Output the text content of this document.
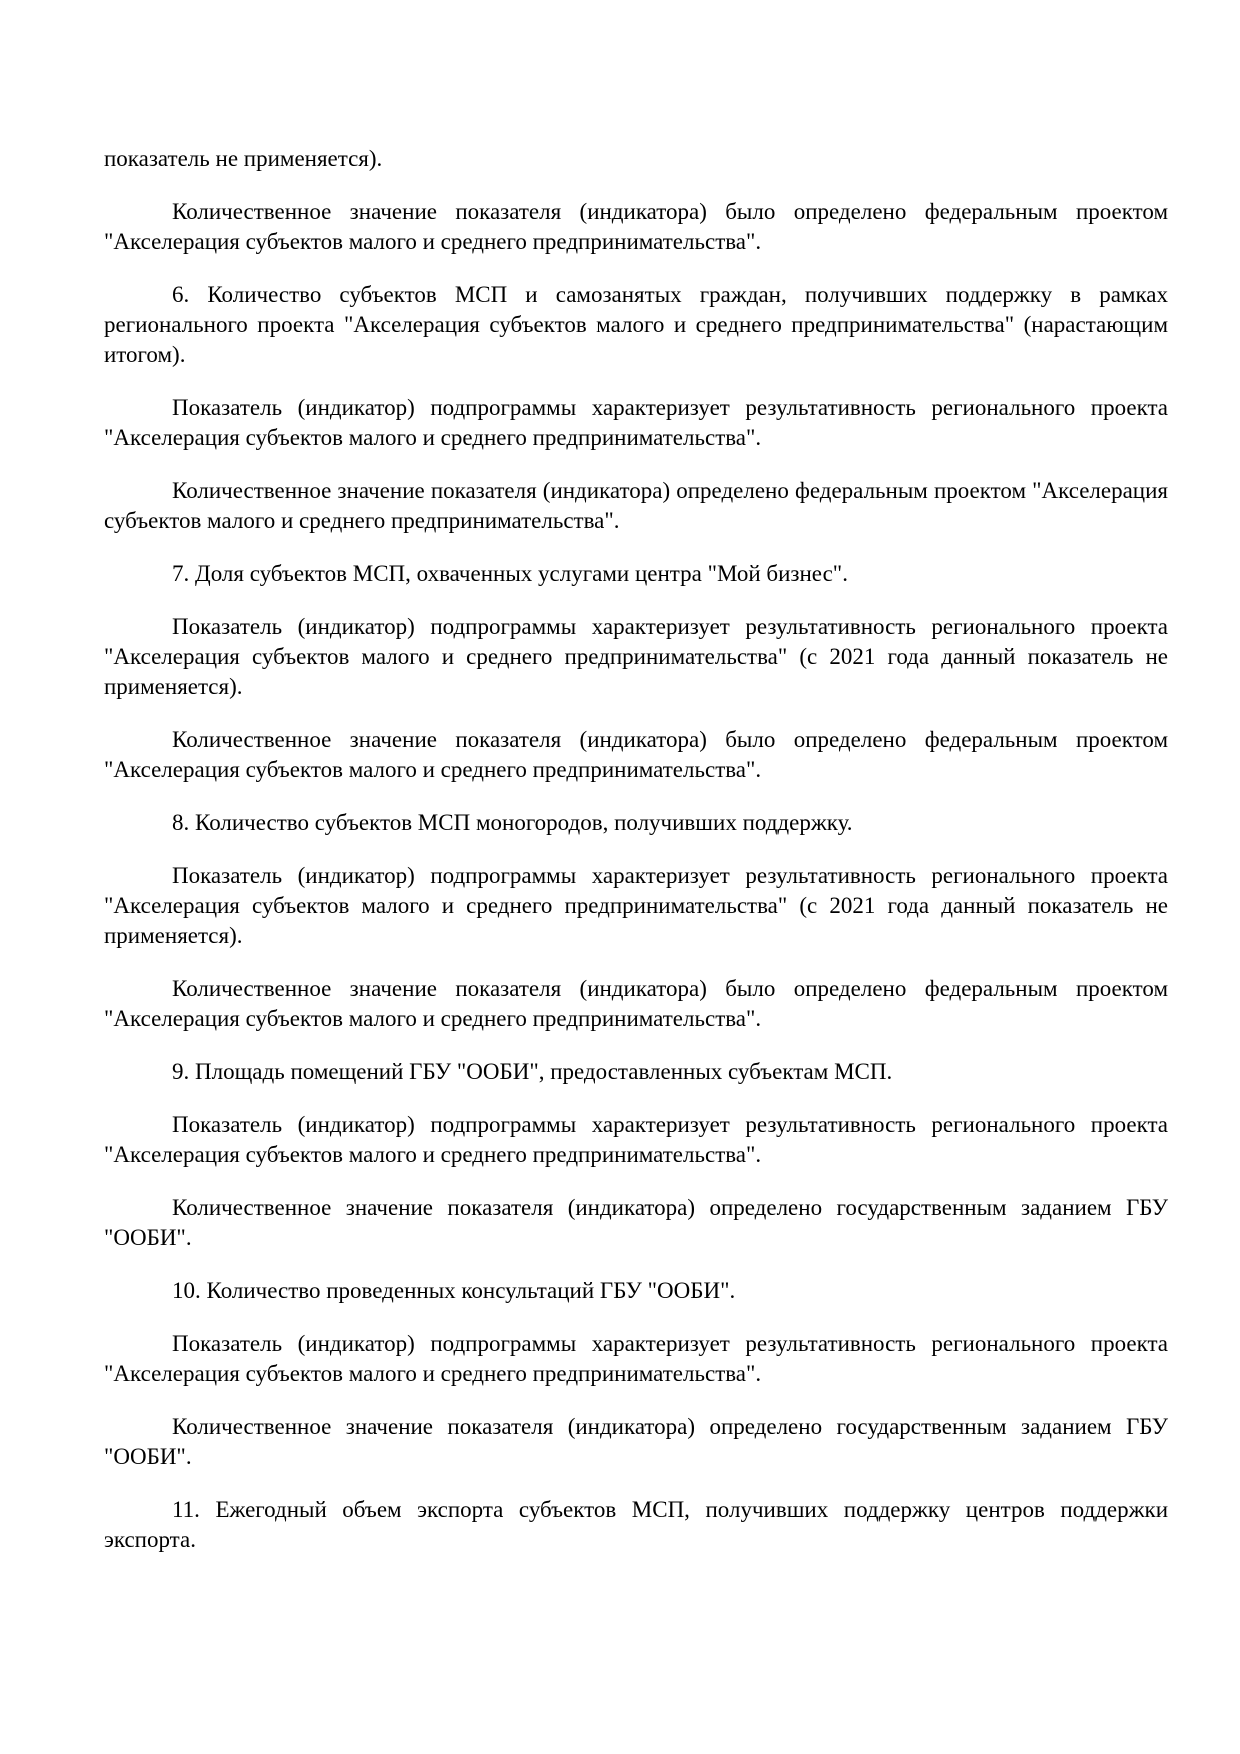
показатель не применяется).

Количественное значение показателя (индикатора) было определено федеральным проектом "Акселерация субъектов малого и среднего предпринимательства".

6. Количество субъектов МСП и самозанятых граждан, получивших поддержку в рамках регионального проекта "Акселерация субъектов малого и среднего предпринимательства" (нарастающим итогом).

Показатель (индикатор) подпрограммы характеризует результативность регионального проекта "Акселерация субъектов малого и среднего предпринимательства".

Количественное значение показателя (индикатора) определено федеральным проектом "Акселерация субъектов малого и среднего предпринимательства".

7. Доля субъектов МСП, охваченных услугами центра "Мой бизнес".

Показатель (индикатор) подпрограммы характеризует результативность регионального проекта "Акселерация субъектов малого и среднего предпринимательства" (с 2021 года данный показатель не применяется).

Количественное значение показателя (индикатора) было определено федеральным проектом "Акселерация субъектов малого и среднего предпринимательства".

8. Количество субъектов МСП моногородов, получивших поддержку.

Показатель (индикатор) подпрограммы характеризует результативность регионального проекта "Акселерация субъектов малого и среднего предпринимательства" (с 2021 года данный показатель не применяется).

Количественное значение показателя (индикатора) было определено федеральным проектом "Акселерация субъектов малого и среднего предпринимательства".

9. Площадь помещений ГБУ "ООБИ", предоставленных субъектам МСП.

Показатель (индикатор) подпрограммы характеризует результативность регионального проекта "Акселерация субъектов малого и среднего предпринимательства".

Количественное значение показателя (индикатора) определено государственным заданием ГБУ "ООБИ".

10. Количество проведенных консультаций ГБУ "ООБИ".

Показатель (индикатор) подпрограммы характеризует результативность регионального проекта "Акселерация субъектов малого и среднего предпринимательства".

Количественное значение показателя (индикатора) определено государственным заданием ГБУ "ООБИ".

11. Ежегодный объем экспорта субъектов МСП, получивших поддержку центров поддержки экспорта.
